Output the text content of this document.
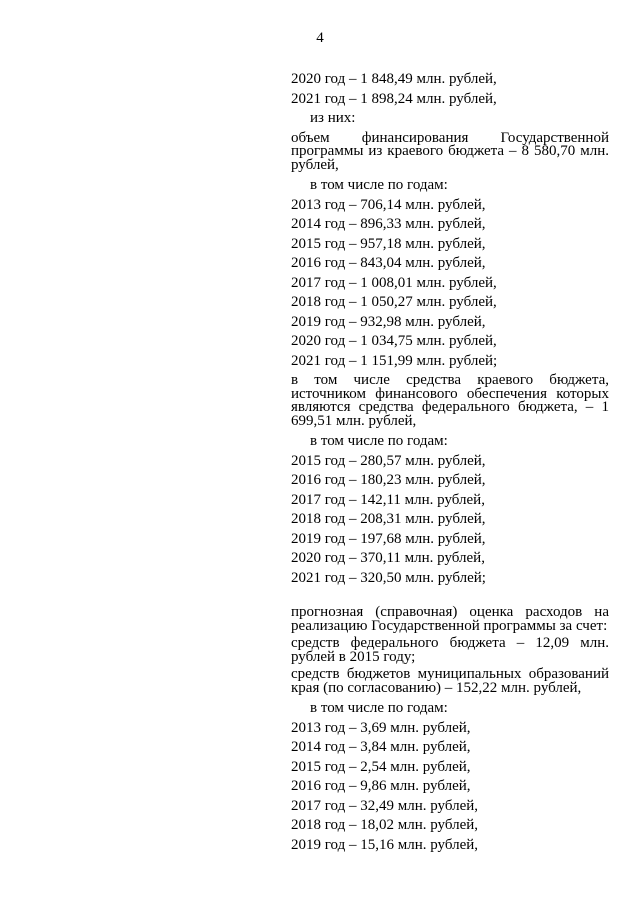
4
2020 год – 1 848,49 млн. рублей,
2021 год – 1 898,24 млн. рублей,
из них:
объем финансирования Государственной программы из краевого бюджета – 8 580,70 млн. рублей,
в том числе по годам:
2013 год – 706,14 млн. рублей,
2014 год – 896,33 млн. рублей,
2015 год – 957,18 млн. рублей,
2016 год – 843,04 млн. рублей,
2017 год – 1 008,01 млн. рублей,
2018 год – 1 050,27 млн. рублей,
2019 год – 932,98 млн. рублей,
2020 год – 1 034,75 млн. рублей,
2021 год – 1 151,99 млн. рублей;
в том числе средства краевого бюджета, источником финансового обеспечения которых являются средства федерального бюджета, – 1 699,51 млн. рублей,
в том числе по годам:
2015 год – 280,57 млн. рублей,
2016 год – 180,23 млн. рублей,
2017 год – 142,11 млн. рублей,
2018 год – 208,31 млн. рублей,
2019 год – 197,68 млн. рублей,
2020 год – 370,11 млн. рублей,
2021 год – 320,50 млн. рублей;
прогнозная (справочная) оценка расходов на реализацию Государственной программы за счет:
средств федерального бюджета – 12,09 млн. рублей в 2015 году;
средств бюджетов муниципальных образований края (по согласованию) – 152,22 млн. рублей,
в том числе по годам:
2013 год – 3,69 млн. рублей,
2014 год – 3,84 млн. рублей,
2015 год – 2,54 млн. рублей,
2016 год – 9,86 млн. рублей,
2017 год – 32,49 млн. рублей,
2018 год – 18,02 млн. рублей,
2019 год – 15,16 млн. рублей,
